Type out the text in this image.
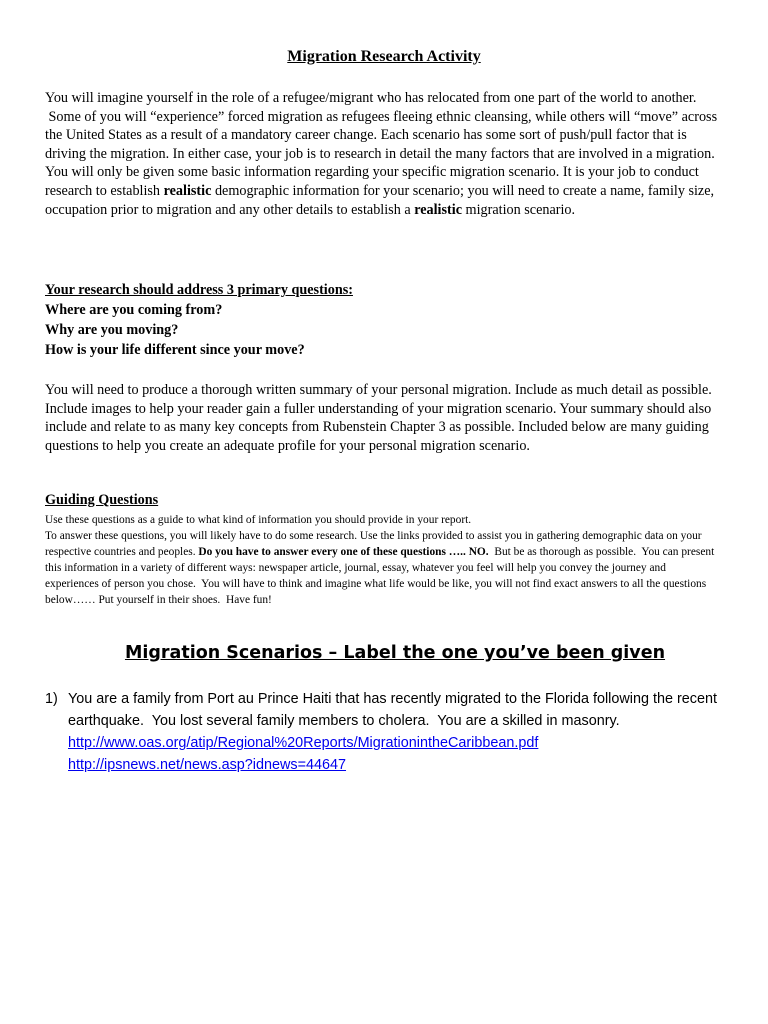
Migration Research Activity

You will imagine yourself in the role of a refugee/migrant who has relocated from one part of the world to another.

Some of you will “experience” forced migration as refugees fleeing ethnic cleansing, while others will “move” across the United States as a result of a mandatory career change. Each scenario has some sort of push/pull factor that is driving the migration. In either case, your job is to research in detail the many factors that are involved in a migration.

You will only be given some basic information regarding your specific migration scenario. It is your job to conduct research to establish realistic demographic information for your scenario; you will need to create a name, family size, occupation prior to migration and any other details to establish a realistic migration scenario.

Your research should address 3 primary questions:
Where are you coming from?
Why are you moving?
How is your life different since your move?

You will need to produce a thorough written summary of your personal migration. Include as much detail as possible. Include images to help your reader gain a fuller understanding of your migration scenario. Your summary should also include and relate to as many key concepts from Rubenstein Chapter 3 as possible. Included below are many guiding questions to help you create an adequate profile for your personal migration scenario.

Guiding Questions
Use these questions as a guide to what kind of information you should provide in your report.
To answer these questions, you will likely have to do some research. Use the links provided to assist you in gathering demographic data on your respective countries and peoples. Do you have to answer every one of these questions ….. NO.  But be as thorough as possible.  You can present this information in a variety of different ways: newspaper article, journal, essay, whatever you feel will help you convey the journey and experiences of person you chose.  You will have to think and imagine what life would be like, you will not find exact answers to all the questions below…… Put yourself in their shoes.  Have fun!
Migration Scenarios – Label the one you’ve been given
1) You are a family from Port au Prince Haiti that has recently migrated to the Florida following the recent earthquake.  You lost several family members to cholera.  You are a skilled in masonry.
http://www.oas.org/atip/Regional%20Reports/MigrationintheCaribbean.pdf
http://ipsnews.net/news.asp?idnews=44647
